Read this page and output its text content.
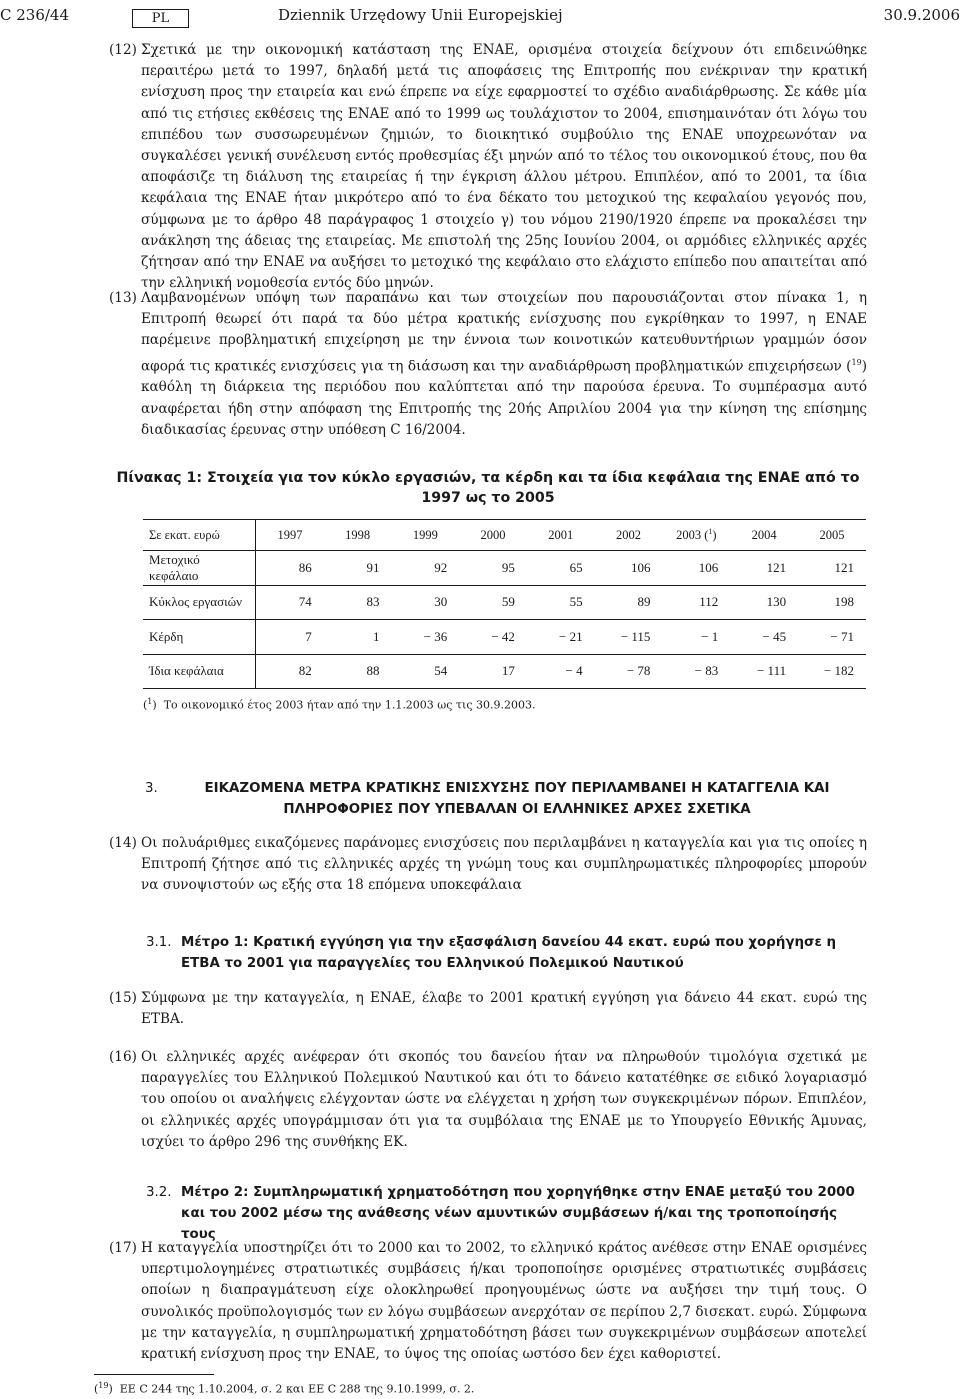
C 236/44	PL	Dziennik Urzędowy Unii Europejskiej	30.9.2006
(12) Σχετικά με την οικονομική κατάσταση της ΕΝΑΕ, ορισμένα στοιχεία δείχνουν ότι επιδεινώθηκε περαιτέρω μετά το 1997, δηλαδή μετά τις αποφάσεις της Επιτροπής που ενέκριναν την κρατική ενίσχυση προς την εταιρεία και ενώ έπρεπε να είχε εφαρμοστεί το σχέδιο αναδιάρθρωσης. Σε κάθε μία από τις ετήσιες εκθέσεις της ΕΝΑΕ από το 1999 ως τουλάχιστον το 2004, επισημαινόταν ότι λόγω του επιπέδου των συσσωρευμένων ζημιών, το διοικητικό συμβούλιο της ΕΝΑΕ υποχρεωνόταν να συγκαλέσει γενική συνέλευση εντός προθεσμίας έξι μηνών από το τέλος του οικονομικού έτους, που θα αποφάσιζε τη διάλυση της εταιρείας ή την έγκριση άλλου μέτρου. Επιπλέον, από το 2001, τα ίδια κεφάλαια της ΕΝΑΕ ήταν μικρότερο από το ένα δέκατο του μετοχικού της κεφαλαίου γεγονός που, σύμφωνα με το άρθρο 48 παράγραφος 1 στοιχείο γ) του νόμου 2190/1920 έπρεπε να προκαλέσει την ανάκληση της άδειας της εταιρείας. Με επιστολή της 25ης Ιουνίου 2004, οι αρμόδιες ελληνικές αρχές ζήτησαν από την ΕΝΑΕ να αυξήσει το μετοχικό της κεφάλαιο στο ελάχιστο επίπεδο που απαιτείται από την ελληνική νομοθεσία εντός δύο μηνών.
(13) Λαμβανομένων υπόψη των παραπάνω και των στοιχείων που παρουσιάζονται στον πίνακα 1, η Επιτροπή θεωρεί ότι παρά τα δύο μέτρα κρατικής ενίσχυσης που εγκρίθηκαν το 1997, η ΕΝΑΕ παρέμεινε προβληματική επιχείρηση με την έννοια των κοινοτικών κατευθυντήριων γραμμών όσον αφορά τις κρατικές ενισχύσεις για τη διάσωση και την αναδιάρθρωση προβληματικών επιχειρήσεων ($^{19}$) καθόλη τη διάρκεια της περιόδου που καλύπτεται από την παρούσα έρευνα. Το συμπέρασμα αυτό αναφέρεται ήδη στην απόφαση της Επιτροπής της 20ής Απριλίου 2004 για την κίνηση της επίσημης διαδικασίας έρευνας στην υπόθεση C 16/2004.
Πίνακας 1: Στοιχεία για τον κύκλο εργασιών, τα κέρδη και τα ίδια κεφάλαια της ΕΝΑΕ από το 1997 ως το 2005
Σε εκατ. ευρώ	1997	1998	1999	2000	2001	2002	2003 ($^1$)	2004	2005
Μετοχικό κεφάλαιο	86	91	92	95	65	106	106	121	121
Κύκλος εργασιών	74	83	30	59	55	89	112	130	198
Κέρδη	7	1	− 36	− 42	− 21	− 115	− 1	− 45	− 71
Ίδια κεφάλαια	82	88	54	17	− 4	− 78	− 83	− 111	− 182
($^1$)  Το οικονομικό έτος 2003 ήταν από την 1.1.2003 ως τις 30.9.2003.
3.	ΕΙΚΑΖΟΜΕΝΑ ΜΕΤΡΑ ΚΡΑΤΙΚΗΣ ΕΝΙΣΧΥΣΗΣ ΠΟΥ ΠΕΡΙΛΑΜΒΑΝΕΙ Η ΚΑΤΑΓΓΕΛΙΑ ΚΑΙ ΠΛΗΡΟΦΟΡΙΕΣ ΠΟΥ ΥΠΕΒΑΛΑΝ ΟΙ ΕΛΛΗΝΙΚΕΣ ΑΡΧΕΣ ΣΧΕΤΙΚΑ
(14) Οι πολυάριθμες εικαζόμενες παράνομες ενισχύσεις που περιλαμβάνει η καταγγελία και για τις οποίες η Επιτροπή ζήτησε από τις ελληνικές αρχές τη γνώμη τους και συμπληρωματικές πληροφορίες μπορούν να συνοψιστούν ως εξής στα 18 επόμενα υποκεφάλαια
3.1. Μέτρο 1: Κρατική εγγύηση για την εξασφάλιση δανείου 44 εκατ. ευρώ που χορήγησε η ΕΤΒΑ το 2001 για παραγγελίες του Ελληνικού Πολεμικού Ναυτικού
(15) Σύμφωνα με την καταγγελία, η ΕΝΑΕ, έλαβε το 2001 κρατική εγγύηση για δάνειο 44 εκατ. ευρώ της ΕΤΒΑ.
(16) Οι ελληνικές αρχές ανέφεραν ότι σκοπός του δανείου ήταν να πληρωθούν τιμολόγια σχετικά με παραγγελίες του Ελληνικού Πολεμικού Ναυτικού και ότι το δάνειο κατατέθηκε σε ειδικό λογαριασμό του οποίου οι αναλήψεις ελέγχονταν ώστε να ελέγχεται η χρήση των συγκεκριμένων πόρων. Επιπλέον, οι ελληνικές αρχές υπογράμμισαν ότι για τα συμβόλαια της ΕΝΑΕ με το Υπουργείο Εθνικής Άμυνας, ισχύει το άρθρο 296 της συνθήκης ΕΚ.
3.2. Μέτρο 2: Συμπληρωματική χρηματοδότηση που χορηγήθηκε στην ΕΝΑΕ μεταξύ του 2000 και του 2002 μέσω της ανάθεσης νέων αμυντικών συμβάσεων ή/και της τροποποίησής τους
(17) Η καταγγελία υποστηρίζει ότι το 2000 και το 2002, το ελληνικό κράτος ανέθεσε στην ΕΝΑΕ ορισμένες υπερτιμολογημένες στρατιωτικές συμβάσεις ή/και τροποποίησε ορισμένες στρατιωτικές συμβάσεις οποίων η διαπραγμάτευση είχε ολοκληρωθεί προηγουμένως ώστε να αυξήσει την τιμή τους. Ο συνολικός προϋπολογισμός των εν λόγω συμβάσεων ανερχόταν σε περίπου 2,7 δισεκατ. ευρώ. Σύμφωνα με την καταγγελία, η συμπληρωματική χρηματοδότηση βάσει των συγκεκριμένων συμβάσεων αποτελεί κρατική ενίσχυση προς την ΕΝΑΕ, το ύψος της οποίας ωστόσο δεν έχει καθοριστεί.
($^{19}$)  ΕΕ C 244 της 1.10.2004, σ. 2 και ΕΕ C 288 της 9.10.1999, σ. 2.
